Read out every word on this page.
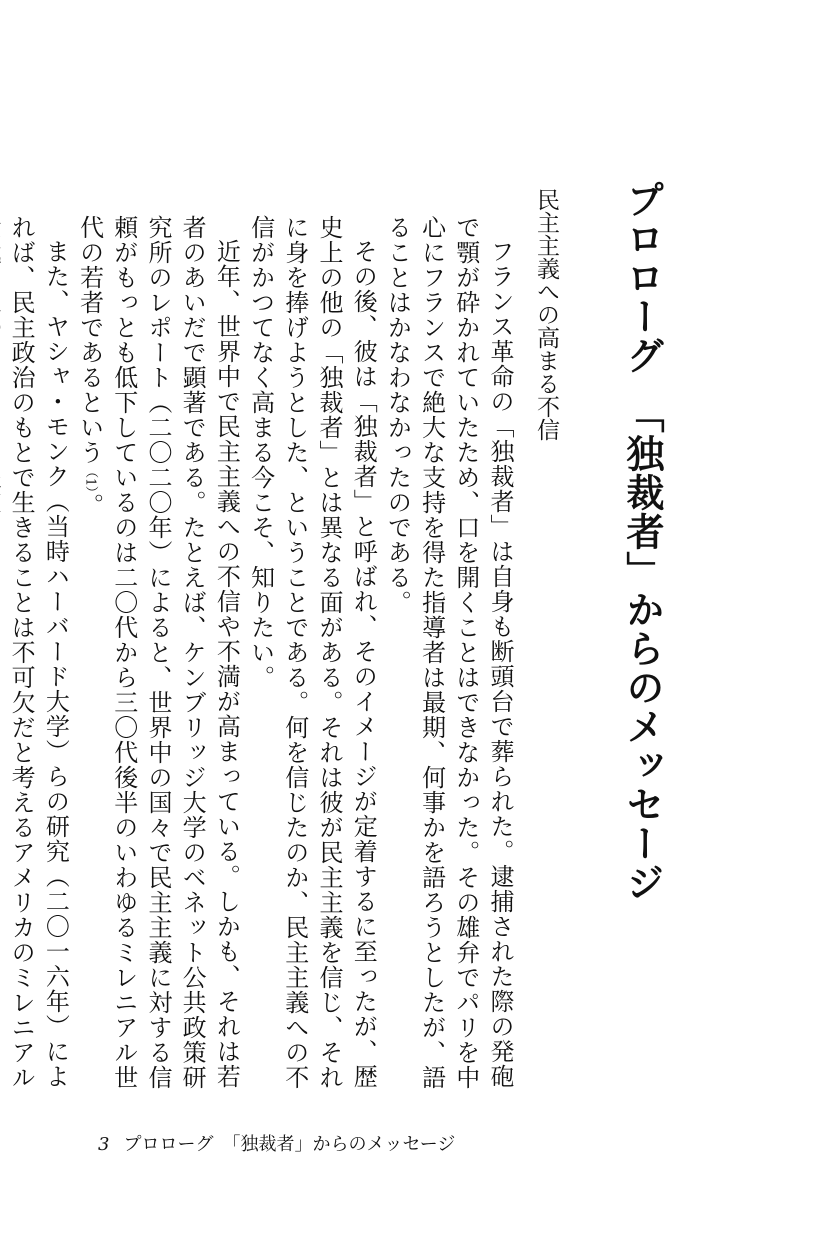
プロローグ　「独裁者」からのメッセージ
民主主義への高まる不信

フランス革命の「独裁者」は自身も断頭台で葬られた。逮捕された際の発砲で顎が砕かれていたため、口を開くことはできなかった。その雄弁でパリを中心にフランスで絶大な支持を得た指導者は最期、何事かを語ろうとしたが、語ることはかなわなかったのである。

その後、彼は「独裁者」と呼ばれ、そのイメージが定着するに至ったが、歴史上の他の「独裁者」とは異なる面がある。それは彼が民主主義を信じ、それに身を捧げようとした、ということである。何を信じたのか、民主主義への不信がかつてなく高まる今こそ、知りたい。

近年、世界中で民主主義への不信や不満が高まっている。しかも、それは若者のあいだで顕著である。たとえば、ケンブリッジ大学のベネット公共政策研究所のレポート（二〇二〇年）によると、世界中の国々で民主主義に対する信頼がもっとも低下しているのは二〇代から三〇代後半のいわゆるミレニアル世代の若者であるという（1）。

また、ヤシャ・モンク（当時ハーバード大学）らの研究（二〇一六年）によれば、民主政治のもとで生きることは不可欠だと考えるアメリカのミレニアル

3 プロローグ　「独裁者」からのメッセージ
